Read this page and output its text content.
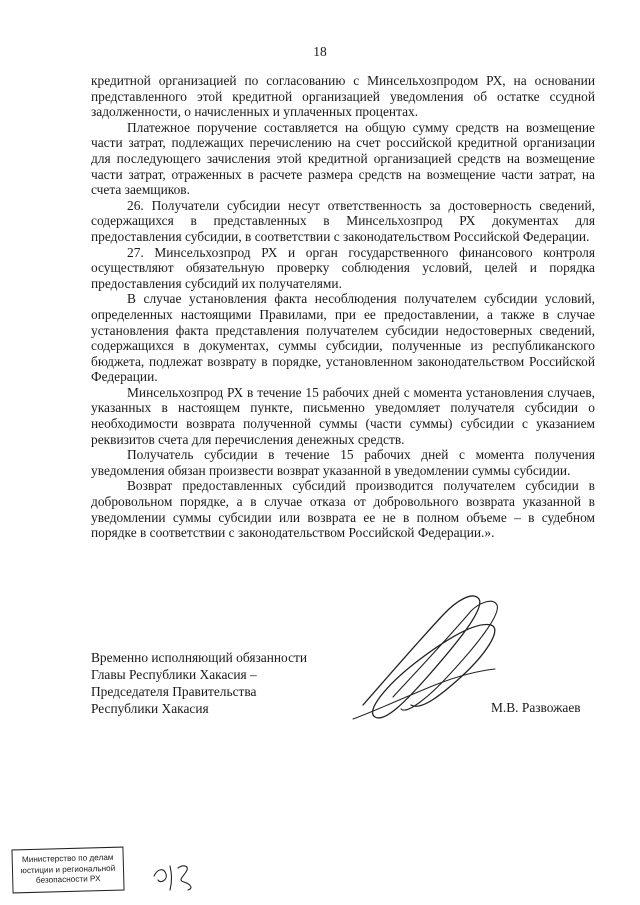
18

кредитной организацией по согласованию с Минсельхозпродом РХ, на основании представленного этой кредитной организацией уведомления об остатке ссудной задолженности, о начисленных и уплаченных процентах.

Платежное поручение составляется на общую сумму средств на возмещение части затрат, подлежащих перечислению на счет российской кредитной организации для последующего зачисления этой кредитной организацией средств на возмещение части затрат, отраженных в расчете размера средств на возмещение части затрат, на счета заемщиков.

26. Получатели субсидии несут ответственность за достоверность сведений, содержащихся в представленных в Минсельхозпрод РХ документах для предоставления субсидии, в соответствии с законодательством Российской Федерации.

27. Минсельхозпрод РХ и орган государственного финансового контроля осуществляют обязательную проверку соблюдения условий, целей и порядка предоставления субсидий их получателями.

В случае установления факта несоблюдения получателем субсидии условий, определенных настоящими Правилами, при ее предоставлении, а также в случае установления факта представления получателем субсидии недостоверных сведений, содержащихся в документах, суммы субсидии, полученные из республиканского бюджета, подлежат возврату в порядке, установленном законодательством Российской Федерации.

Минсельхозпрод РХ в течение 15 рабочих дней с момента установления случаев, указанных в настоящем пункте, письменно уведомляет получателя субсидии о необходимости возврата полученной суммы (части суммы) субсидии с указанием реквизитов счета для перечисления денежных средств.

Получатель субсидии в течение 15 рабочих дней с момента получения уведомления обязан произвести возврат указанной в уведомлении суммы субсидии.

Возврат предоставленных субсидий производится получателем субсидии в добровольном порядке, а в случае отказа от добровольного возврата указанной в уведомлении суммы субсидии или возврата ее не в полном объеме – в судебном порядке в соответствии с законодательством Российской Федерации.».

Временно исполняющий обязанности
Главы Республики Хакасия –
Председателя Правительства
Республики Хакасия	М.В. Развожаев
Министерство по делам
юстиции и региональной
безопасности РХ
